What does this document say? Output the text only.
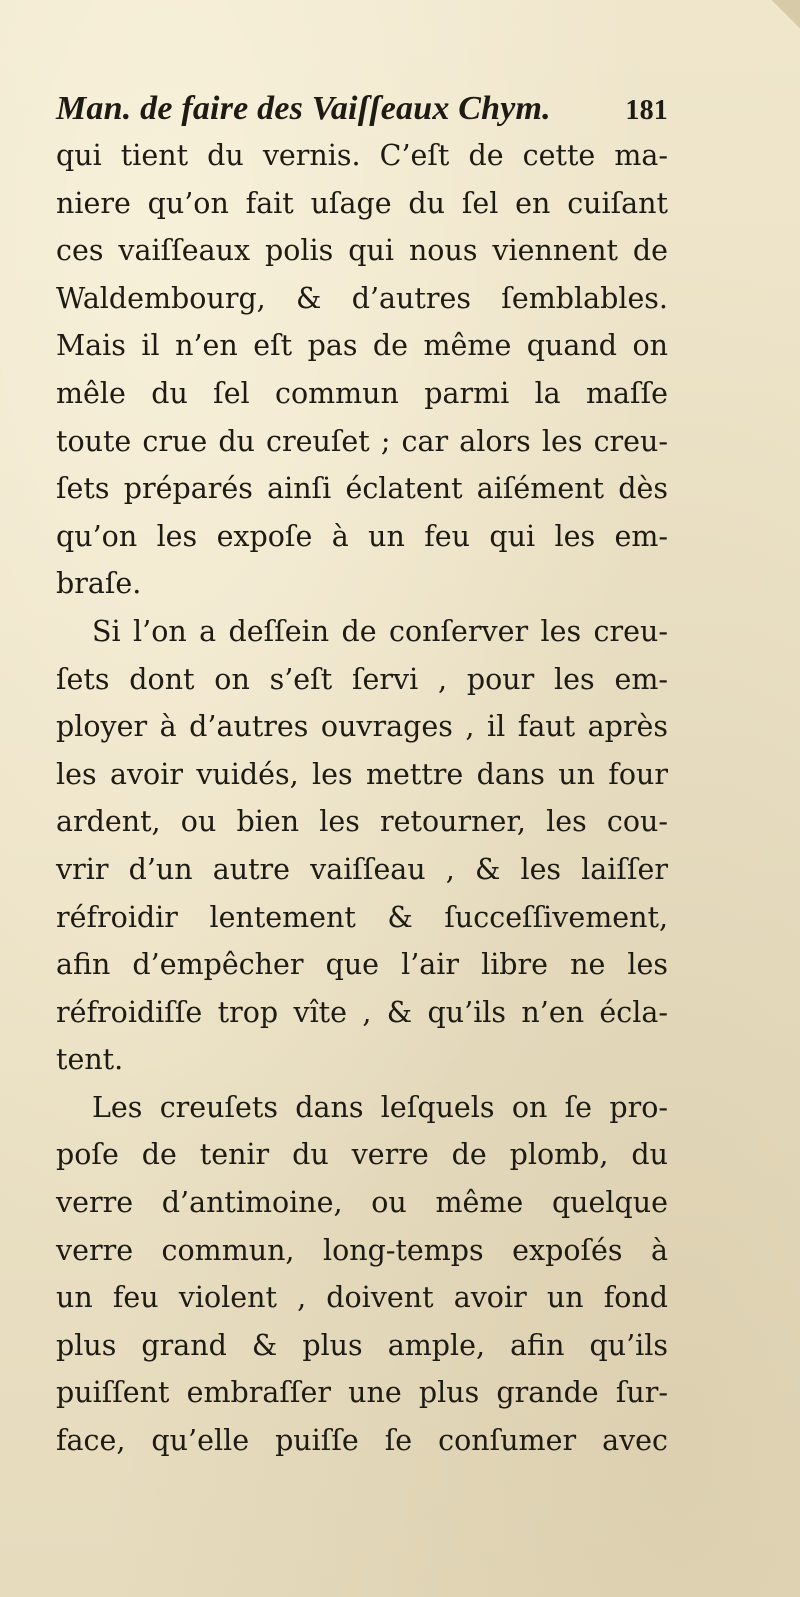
Man. de faire des Vaiſſeaux Chym.	181
qui tient du vernis. C’eſt de cette ma-
niere qu’on fait uſage du ſel en cuiſant
ces vaiſſeaux polis qui nous viennent de
Waldembourg, & d’autres ſemblables.
Mais il n’en eſt pas de même quand on
mêle du ſel commun parmi la maſſe
toute crue du creuſet ; car alors les creu-
ſets préparés ainſi éclatent aiſément dès
qu’on les expoſe à un feu qui les em-
braſe.
Si l’on a deſſein de conſerver les creu-
ſets dont on s’eſt ſervi , pour les em-
ployer à d’autres ouvrages , il faut après
les avoir vuidés, les mettre dans un four
ardent, ou bien les retourner, les cou-
vrir d’un autre vaiſſeau , & les laiſſer
réfroidir lentement & ſucceſſivement,
afin d’empêcher que l’air libre ne les
réfroidiſſe trop vîte , & qu’ils n’en écla-
tent.
Les creuſets dans leſquels on ſe pro-
poſe de tenir du verre de plomb, du
verre d’antimoine, ou même quelque
verre commun, long-temps expoſés à
un feu violent , doivent avoir un fond
plus grand & plus ample, afin qu’ils
puiſſent embraſſer une plus grande ſur-
face, qu’elle puiſſe ſe conſumer avec
